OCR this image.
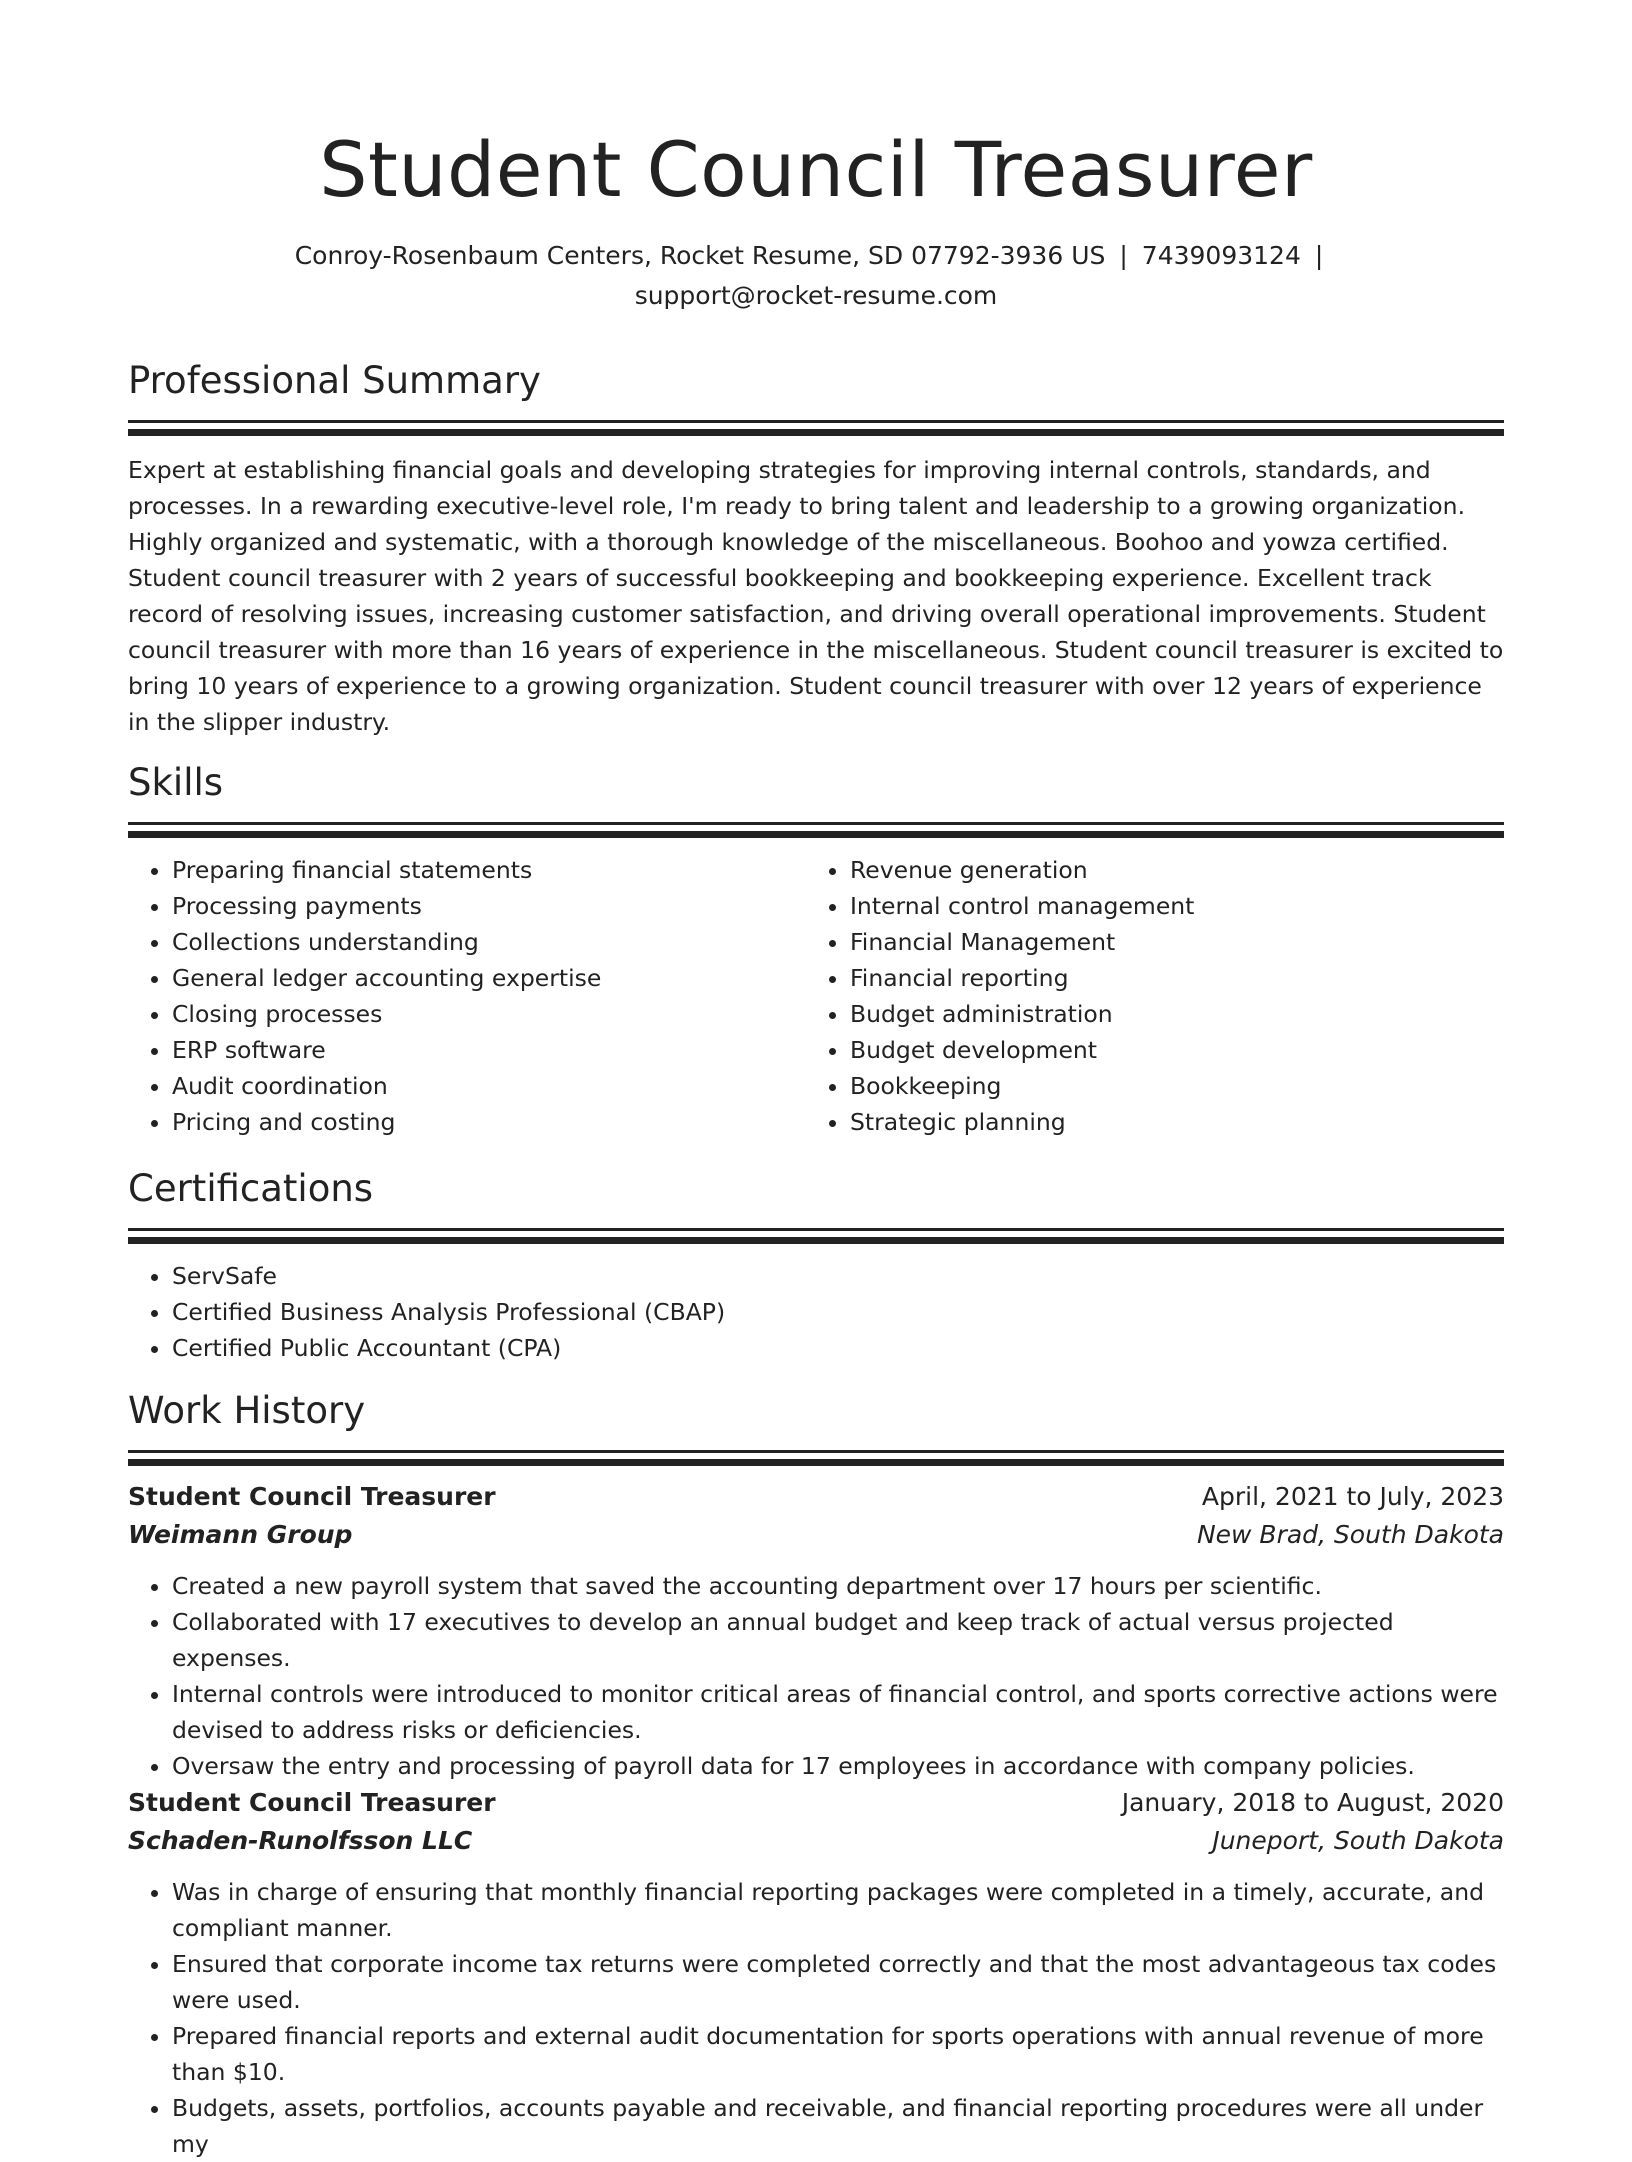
Student Council Treasurer
Conroy-Rosenbaum Centers, Rocket Resume, SD 07792-3936 US | 7439093124 |
support@rocket-resume.com
Professional Summary

Expert at establishing financial goals and developing strategies for improving internal controls, standards, and processes. In a rewarding executive-level role, I'm ready to bring talent and leadership to a growing organization. Highly organized and systematic, with a thorough knowledge of the miscellaneous. Boohoo and yowza certified. Student council treasurer with 2 years of successful bookkeeping and bookkeeping experience. Excellent track record of resolving issues, increasing customer satisfaction, and driving overall operational improvements. Student council treasurer with more than 16 years of experience in the miscellaneous. Student council treasurer is excited to bring 10 years of experience to a growing organization. Student council treasurer with over 12 years of experience in the slipper industry.

Skills
• Preparing financial statements
• Processing payments
• Collections understanding
• General ledger accounting expertise
• Closing processes
• ERP software
• Audit coordination
• Pricing and costing
• Revenue generation
• Internal control management
• Financial Management
• Financial reporting
• Budget administration
• Budget development
• Bookkeeping
• Strategic planning
Certifications
• ServSafe
• Certified Business Analysis Professional (CBAP)
• Certified Public Accountant (CPA)
Work History
Student Council Treasurer	April, 2021 to July, 2023
Weimann Group	New Brad, South Dakota
• Created a new payroll system that saved the accounting department over 17 hours per scientific.
• Collaborated with 17 executives to develop an annual budget and keep track of actual versus projected expenses.
• Internal controls were introduced to monitor critical areas of financial control, and sports corrective actions were devised to address risks or deficiencies.
• Oversaw the entry and processing of payroll data for 17 employees in accordance with company policies.
Student Council Treasurer	January, 2018 to August, 2020
Schaden-Runolfsson LLC	Juneport, South Dakota
• Was in charge of ensuring that monthly financial reporting packages were completed in a timely, accurate, and compliant manner.
• Ensured that corporate income tax returns were completed correctly and that the most advantageous tax codes were used.
• Prepared financial reports and external audit documentation for sports operations with annual revenue of more than $10.
• Budgets, assets, portfolios, accounts payable and receivable, and financial reporting procedures were all under my
